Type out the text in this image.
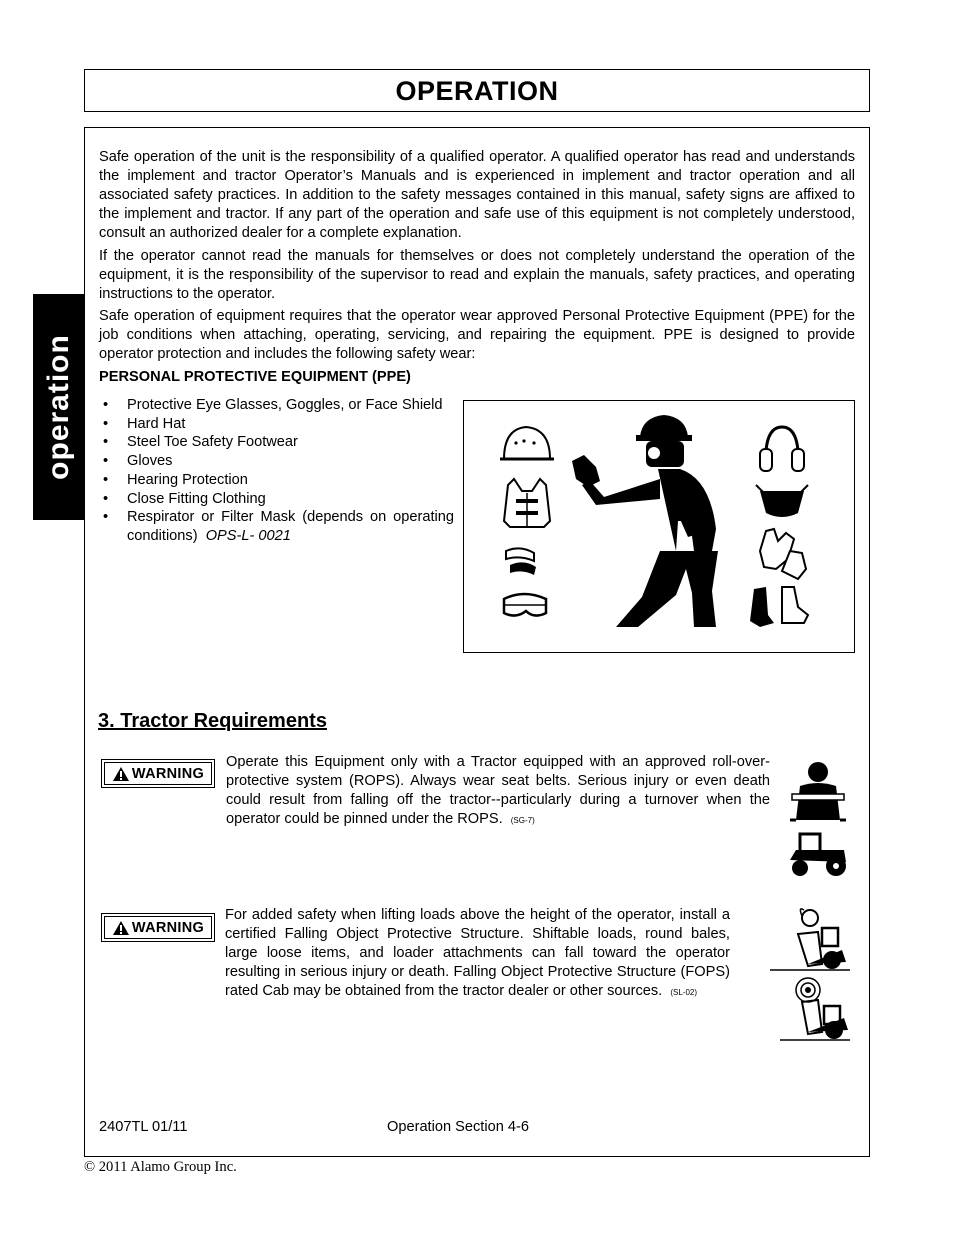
OPERATION
operation

Safe operation of the unit is the responsibility of a qualified operator. A qualified operator has read and understands the implement and tractor Operator’s Manuals and is experienced in implement and tractor operation and all associated safety practices. In addition to the safety messages contained in this manual, safety signs are affixed to the implement and tractor. If any part of the operation and safe use of this equipment is not completely understood, consult an authorized dealer for a complete explanation.

If the operator cannot read the manuals for themselves or does not completely understand the operation of the equipment, it is the responsibility of the supervisor to read and explain the manuals, safety practices, and operating instructions to the operator.

Safe operation of equipment requires that the operator wear approved Personal Protective Equipment (PPE) for the job conditions when attaching, operating, servicing, and repairing the equipment. PPE is designed to provide operator protection and includes the following safety wear:

PERSONAL PROTECTIVE EQUIPMENT (PPE)

• Protective Eye Glasses, Goggles, or Face Shield
• Hard Hat
• Steel Toe Safety Footwear
• Gloves
• Hearing Protection
• Close Fitting Clothing
• Respirator or Filter Mask (depends on operating conditions) OPS-L- 0021
3. Tractor Requirements
WARNING

Operate this Equipment only with a Tractor equipped with an approved roll-over-protective system (ROPS). Always wear seat belts. Serious injury or even death could result from falling off the tractor--particularly during a turnover when the operator could be pinned under the ROPS. (SG-7)

WARNING

For added safety when lifting loads above the height of the operator, install a certified Falling Object Protective Structure. Shiftable loads, round bales, large loose items, and loader attachments can fall toward the operator resulting in serious injury or death. Falling Object Protective Structure (FOPS) rated Cab may be obtained from the tractor dealer or other sources. (SL-02)

2407TL 01/11	Operation Section 4-6

© 2011 Alamo Group Inc.
